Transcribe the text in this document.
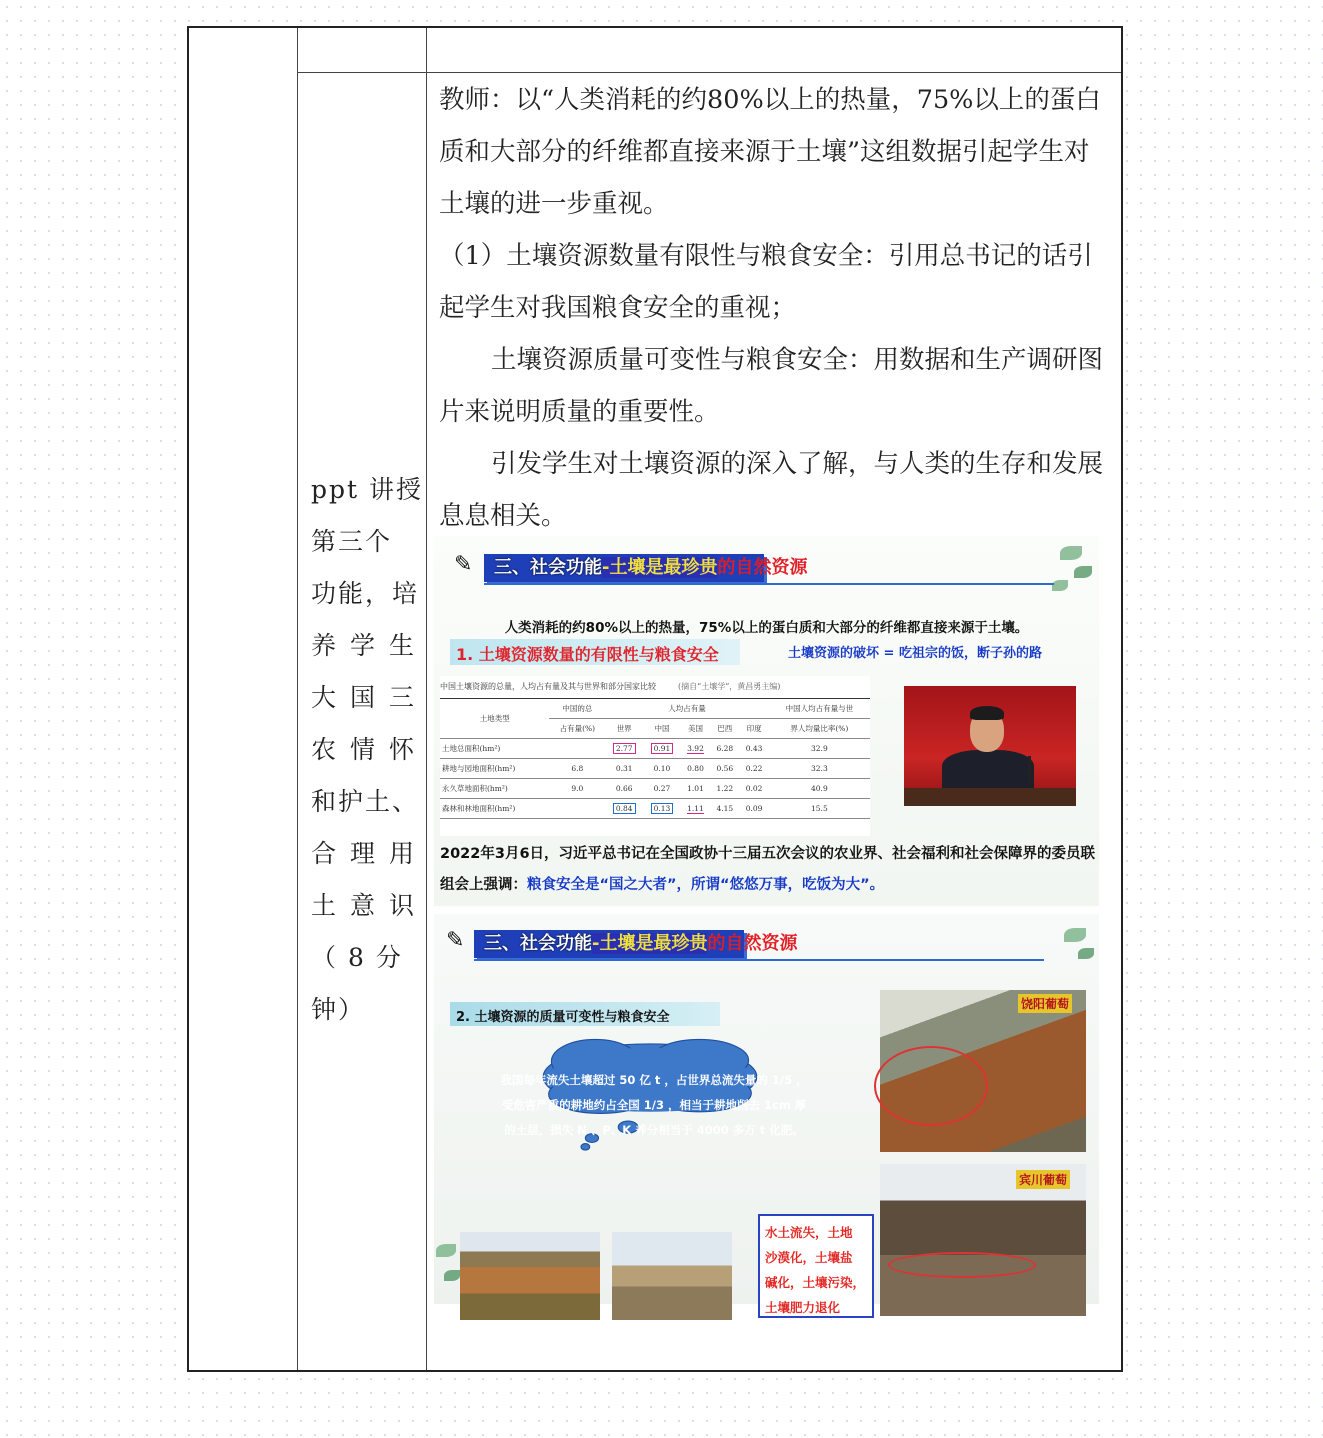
ppt 讲授
第三个
功能，培
养学生
大国三
农情怀
和护土、
合理用
土意识
（8分
钟）

教师：以“人类消耗的约80%以上的热量，75%以上的蛋白质和大部分的纤维都直接来源于土壤”这组数据引起学生对土壤的进一步重视。

（1）土壤资源数量有限性与粮食安全：引用总书记的话引起学生对我国粮食安全的重视；

土壤资源质量可变性与粮食安全：用数据和生产调研图片来说明质量的重要性。

引发学生对土壤资源的深入了解，与人类的生存和发展息息相关。

✎ 三、社会功能-土壤是最珍贵的自然资源
人类消耗的约80%以上的热量，75%以上的蛋白质和大部分的纤维都直接来源于土壤。
1. 土壤资源数量的有限性与粮食安全	土壤资源的破坏 = 吃祖宗的饭，断子孙的路
中国土壤资源的总量，人均占有量及其与世界和部分国家比较	(摘自“土壤学”，黄昌勇主编)
土地类型	中国的总	人均占有量					中国人均占有量与世
	占有量(%)	世界	中国	美国	巴西	印度	界人均量比率(%)
土地总面积(hm²)		2.77	0.91	3.92	6.28	0.43	32.9
耕地与园地面积(hm²)	6.8	0.31	0.10	0.80	0.56	0.22	32.3
永久草地面积(hm²)	9.0	0.66	0.27	1.01	1.22	0.02	40.9
森林和林地面积(hm²)		0.84	0.13	1.11	4.15	0.09	15.5
2022年3月6日，习近平总书记在全国政协十三届五次会议的农业界、社会福利和社会保障界的委员联组会上强调：粮食安全是“国之大者”，所谓“悠悠万事，吃饭为大”。
✎ 三、社会功能-土壤是最珍贵的自然资源
2. 土壤资源的质量可变性与粮食安全
我国每年流失土壤超过 50 亿 t ，占世界总流失量的 1/5 ，
受危害严重的耕地约占全国 1/3 ，相当于耕地削去 1cm 厚
的土层，损失 N 、P、K 养分相当于 4000 多万 t 化肥。

水土流失，土地
沙漠化，土壤盐
碱化，土壤污染，
土壤肥力退化

饶阳葡萄
宾川葡萄
